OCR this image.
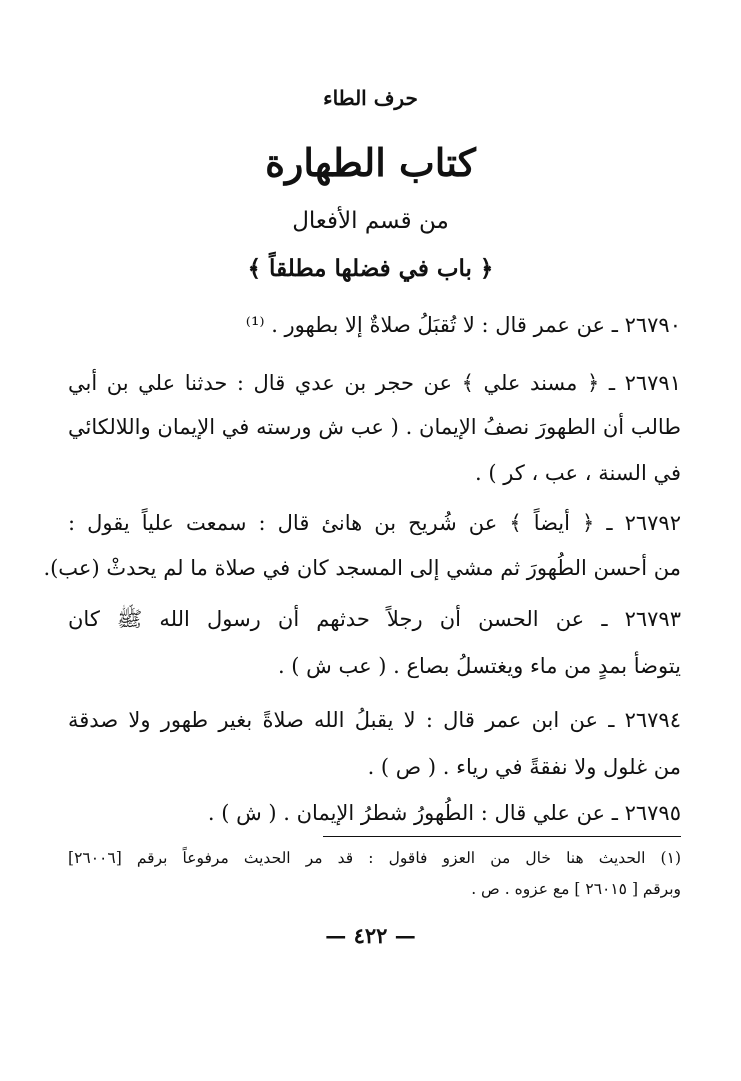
حرف الطاء
كتاب الطهارة
من قسم الأفعال
﴿ باب في فضلها مطلقاً ﴾
٢٦٧٩٠ ـ عن عمر قال : لا تُقبَلُ صلاةٌ إلا بطهور . ⁽¹⁾
٢٦٧٩١ ـ ﴿ مسند علي ﴾ عن حجر بن عدي قال : حدثنا علي بن أبي
طالب أن الطهورَ نصفُ الإيمان . ( عب ش ورسته في الإيمان واللالكائي
في السنة ، عب ، كر ) .
٢٦٧٩٢ ـ ﴿ أيضاً ﴾ عن شُريح بن هانئ قال : سمعت علياً يقول :
من أحسن الطُهورَ ثم مشي إلى المسجد كان في صلاة ما لم يحدثْ (عب).
٢٦٧٩٣ ـ عن الحسن أن رجلاً حدثهم أن رسول الله ﷺ كان
يتوضأ بمدٍ من ماء ويغتسلُ بصاع . ( عب ش ) .
٢٦٧٩٤ ـ عن ابن عمر قال : لا يقبلُ الله صلاةً بغير طهور ولا صدقة
من غلول ولا نفقةً في رياء . ( ص ) .
٢٦٧٩٥ ـ عن علي قال : الطُهورُ شطرُ الإيمان . ( ش ) .
(١) الحديث هنا خال من العزو فاقول : قد مر الحديث مرفوعاً برقم [٢٦٠٠٦]
وبرقم [ ٢٦٠١٥ ] مع عزوه . ص .
— ٤٢٢ —
